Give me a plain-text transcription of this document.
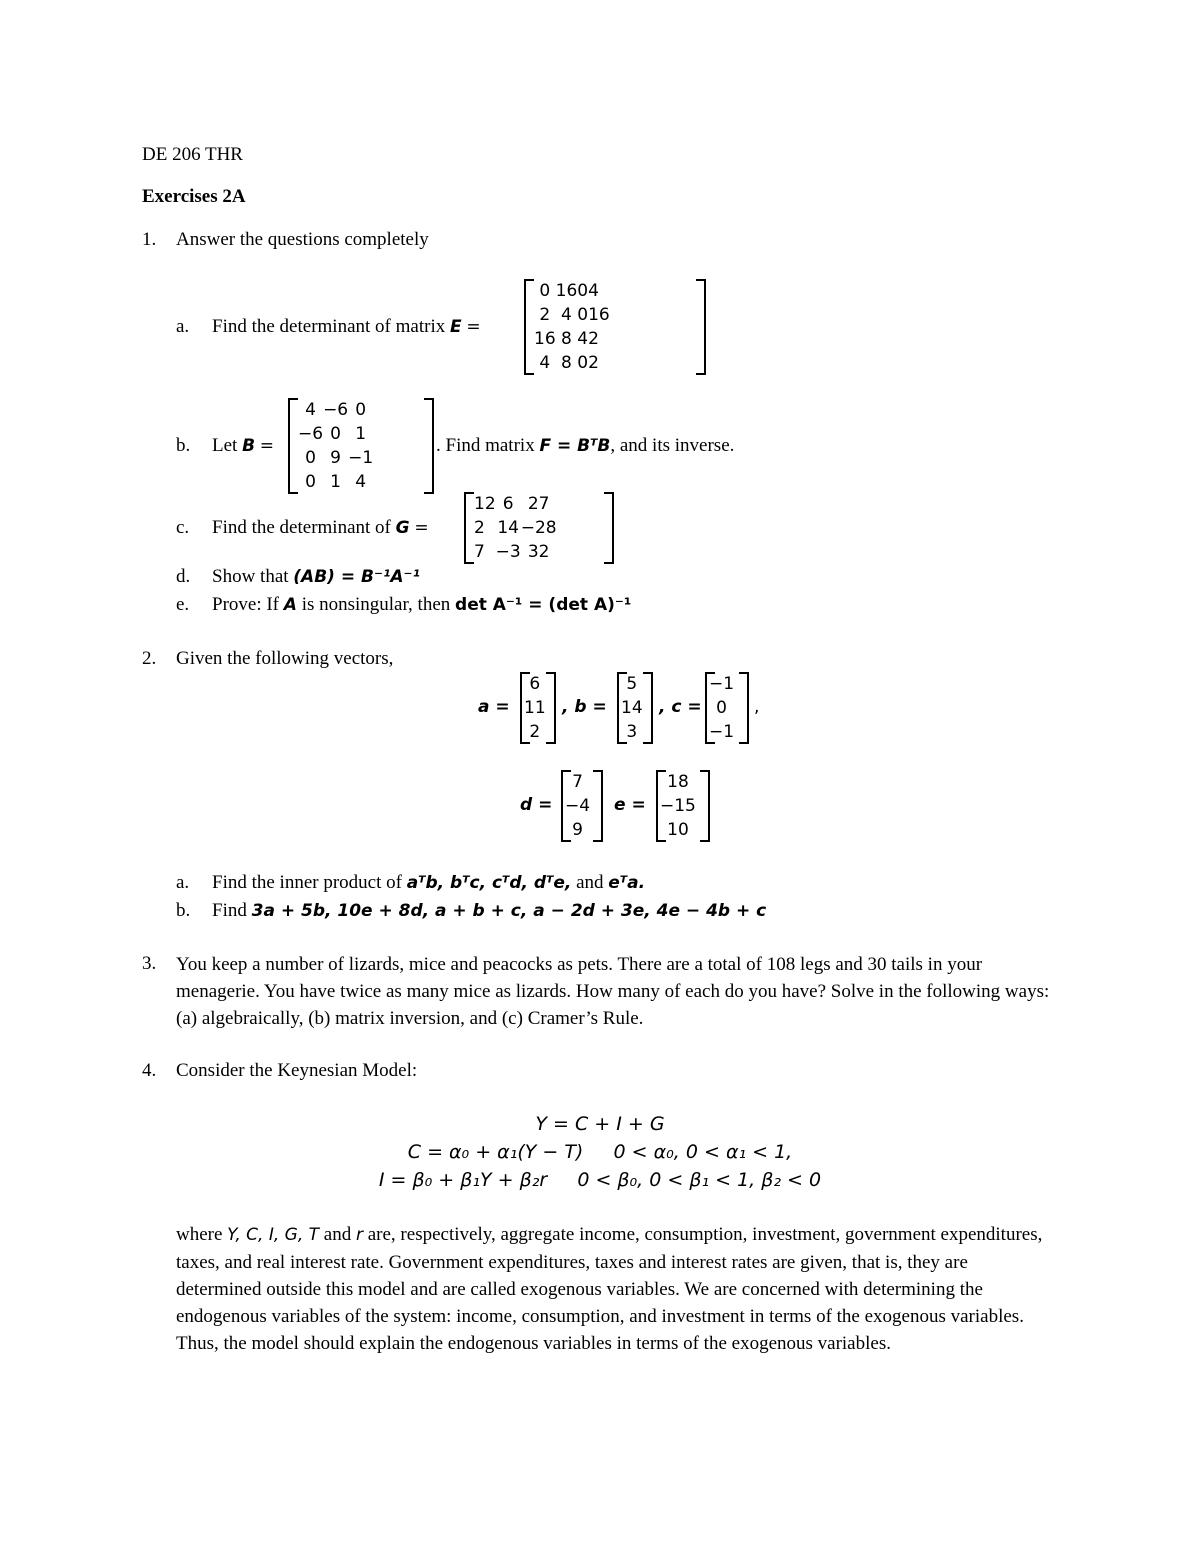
DE 206 THR
Exercises 2A
1. Answer the questions completely
a. Find the determinant of matrix E =
0	16	0	4
2	4	0	16
16	8	4	2
4	8	0	2
b. Let B =
4	−6	0
−6	0	1
0	9	−1
0	1	4
. Find matrix F = BᵀB, and its inverse.
c. Find the determinant of G =
12	6	27
2	14	−28
7	−3	32
d. Show that (AB) = B⁻¹A⁻¹
e. Prove: If A is nonsingular, then det A⁻¹ = (det A)⁻¹
2. Given the following vectors,
a =
6
11
2
, b =
5
14
3
, c =
−1
0
−1
,
d =
7
−4
9
e =
18
−15
10
a. Find the inner product of aᵀb, bᵀc, cᵀd, dᵀe, and eᵀa.
b. Find 3a + 5b, 10e + 8d, a + b + c, a − 2d + 3e, 4e − 4b + c
3. You keep a number of lizards, mice and peacocks as pets. There are a total of 108 legs and 30 tails in your menagerie. You have twice as many mice as lizards. How many of each do you have? Solve in the following ways: (a) algebraically, (b) matrix inversion, and (c) Cramer’s Rule.
4. Consider the Keynesian Model:
Y = C + I + G
C = α₀ + α₁(Y − T)     0 < α₀, 0 < α₁ < 1,
I = β₀ + β₁Y + β₂r     0 < β₀, 0 < β₁ < 1, β₂ < 0
where Y, C, I, G, T and r are, respectively, aggregate income, consumption, investment, government expenditures, taxes, and real interest rate. Government expenditures, taxes and interest rates are given, that is, they are determined outside this model and are called exogenous variables. We are concerned with determining the endogenous variables of the system: income, consumption, and investment in terms of the exogenous variables. Thus, the model should explain the endogenous variables in terms of the exogenous variables.
